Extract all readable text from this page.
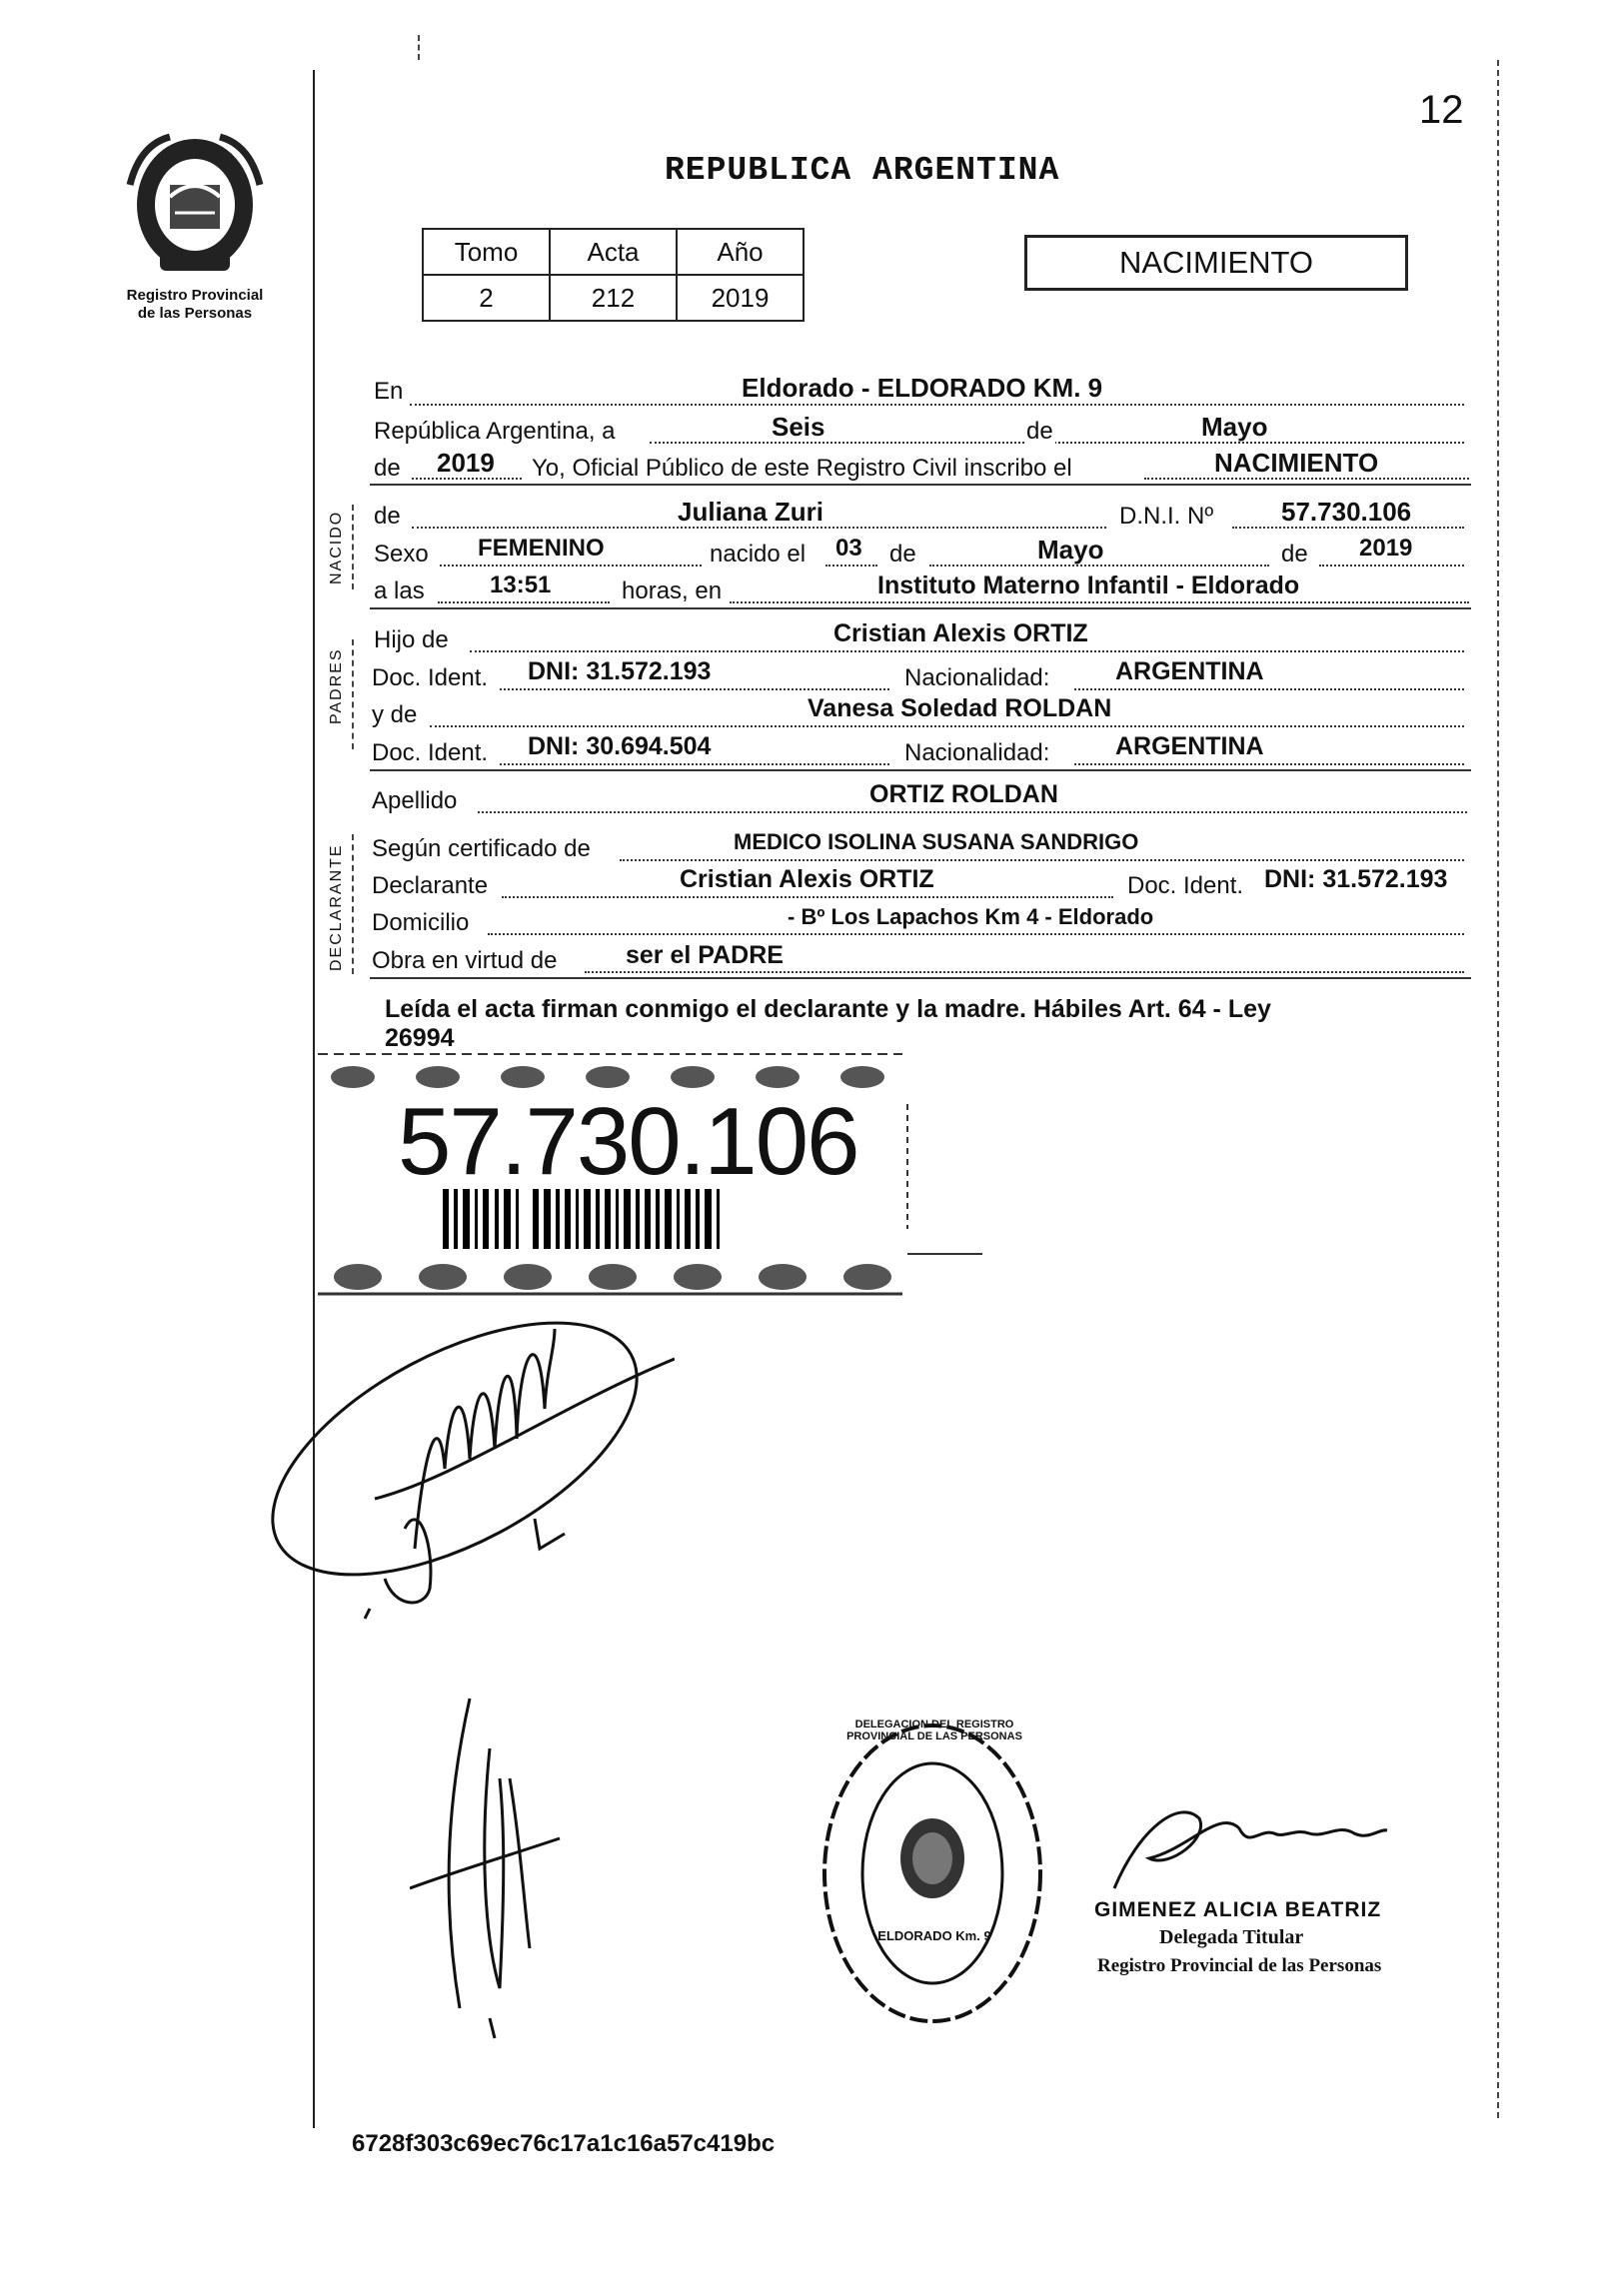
12
Registro Provincial
de las Personas
REPUBLICA ARGENTINA
Tomo	Acta	Año
2	212	2019
NACIMIENTO
NACIDO
PADRES
DECLARANTE
En	Eldorado - ELDORADO KM. 9
República Argentina, a	Seis	de	Mayo
de 2019 Yo, Oficial Público de este Registro Civil inscribo el	NACIMIENTO
de	Juliana Zuri	D.N.I. Nº	57.730.106
Sexo FEMENINO	nacido el 03 de	Mayo	de 2019
a las	13:51	horas, en	Instituto Materno Infantil - Eldorado
Hijo de	Cristian Alexis ORTIZ
Doc. Ident. DNI: 31.572.193	Nacionalidad:	ARGENTINA
y de	Vanesa Soledad ROLDAN
Doc. Ident. DNI: 30.694.504	Nacionalidad:	ARGENTINA
Apellido	ORTIZ ROLDAN
Según certificado de	MEDICO ISOLINA SUSANA SANDRIGO
Declarante	Cristian Alexis ORTIZ	Doc. Ident. DNI: 31.572.193
Domicilio	- Bº Los Lapachos Km 4 - Eldorado
Obra en virtud de	ser el PADRE
Leída el acta firman conmigo el declarante y la madre. Hábiles Art. 64 - Ley
26994
57.730.106
DELEGACION DEL REGISTRO PROVINCIAL DE LAS PERSONAS
ELDORADO Km. 9
GIMENEZ ALICIA BEATRIZ
Delegada Titular
Registro Provincial de las Personas
6728f303c69ec76c17a1c16a57c419bc
